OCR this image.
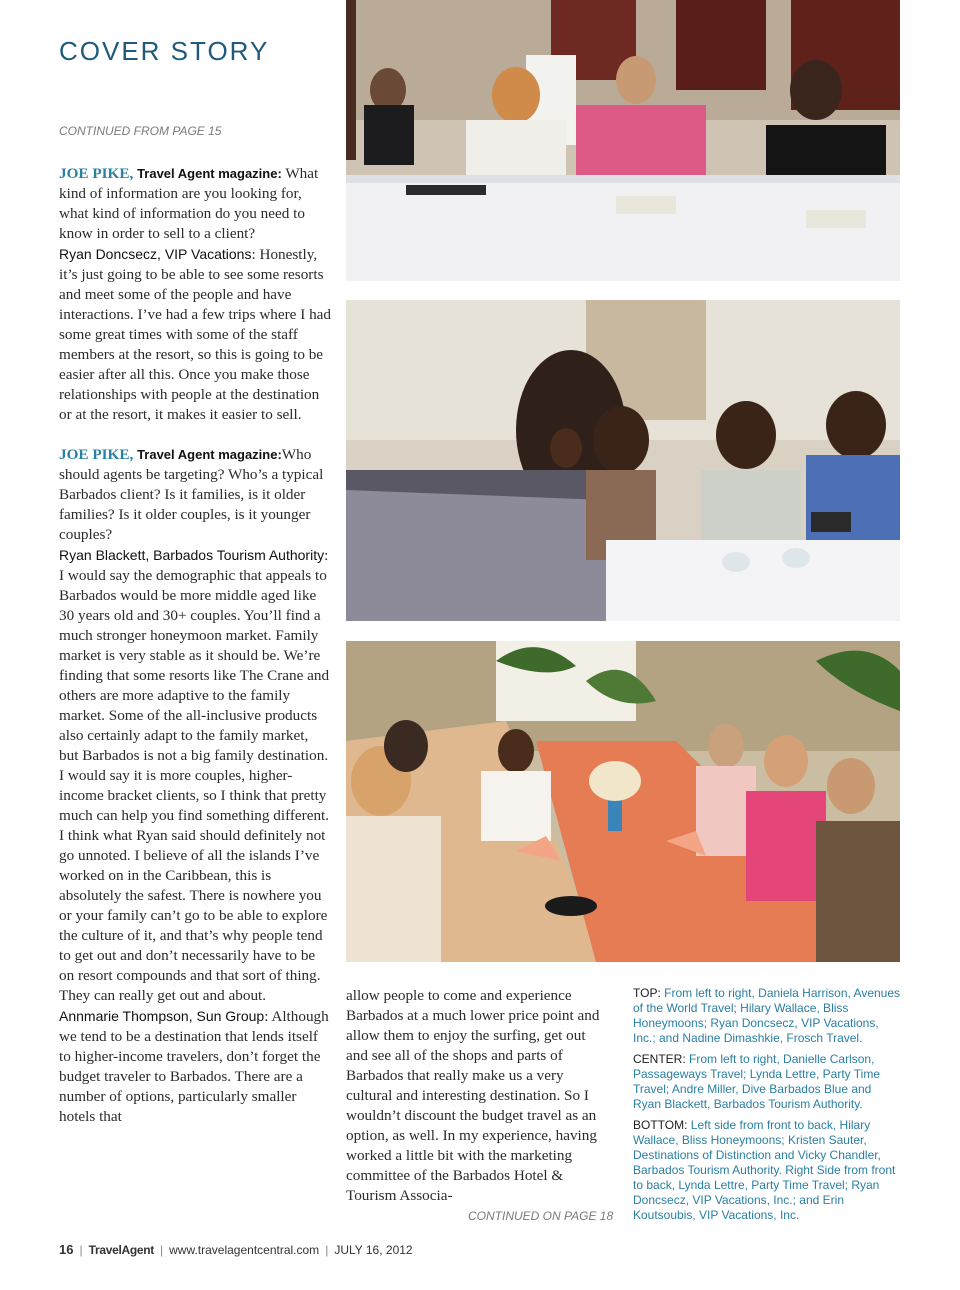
COVER STORY
CONTINUED FROM PAGE 15

JOE PIKE, Travel Agent magazine: What kind of information are you looking for, what kind of information do you need to know in order to sell to a client?

Ryan Doncsecz, VIP Vacations: Honestly, it’s just going to be able to see some resorts and meet some of the people and have interactions. I’ve had a few trips where I had some great times with some of the staff members at the resort, so this is going to be easier after all this. Once you make those relationships with people at the destination or at the resort, it makes it easier to sell.

JOE PIKE, Travel Agent magazine:Who should agents be targeting? Who’s a typical Barbados client? Is it families, is it older families? Is it older couples, is it younger couples?

Ryan Blackett, Barbados Tourism Authority: I would say the demographic that appeals to Barbados would be more middle aged like 30 years old and 30+ couples. You’ll find a much stronger honeymoon market. Family market is very stable as it should be. We’re finding that some resorts like The Crane and others are more adaptive to the family market. Some of the all-inclusive products also certainly adapt to the family market, but Barbados is not a big family destination. I would say it is more couples, higher-income bracket clients, so I think that pretty much can help you find something different.

I think what Ryan said should definitely not go unnoted. I believe of all the islands I’ve worked on in the Caribbean, this is absolutely the safest. There is nowhere you or your family can’t go to be able to explore the culture of it, and that’s why people tend to get out and don’t necessarily have to be on resort compounds and that sort of thing. They can really get out and about.

Annmarie Thompson, Sun Group: Although we tend to be a destination that lends itself to higher-income travelers, don’t forget the budget traveler to Barbados. There are a number of options, particularly smaller hotels that

allow people to come and experience Barbados at a much lower price point and allow them to enjoy the surfing, get out and see all of the shops and parts of Barbados that really make us a very cultural and interesting destination. So I wouldn’t discount the budget travel as an option, as well. In my experience, having worked a little bit with the marketing committee of the Barbados Hotel & Tourism Associa-

CONTINUED ON PAGE 18

TOP: From left to right, Daniela Harrison, Avenues of the World Travel; Hilary Wallace, Bliss Honeymoons; Ryan Doncsecz, VIP Vacations, Inc.; and Nadine Dimashkie, Frosch Travel.

CENTER: From left to right, Danielle Carlson, Passageways Travel; Lynda Lettre, Party Time Travel; Andre Miller, Dive Barbados Blue and Ryan Blackett, Barbados Tourism Authority.

BOTTOM: Left side from front to back, Hilary Wallace, Bliss Honeymoons; Kristen Sauter, Destinations of Distinction and Vicky Chandler, Barbados Tourism Authority. Right Side from front to back, Lynda Lettre, Party Time Travel; Ryan Doncsecz, VIP Vacations, Inc.; and Erin Koutsoubis, VIP Vacations, Inc.

16 | TravelAgent | www.travelagentcentral.com | JULY 16, 2012
